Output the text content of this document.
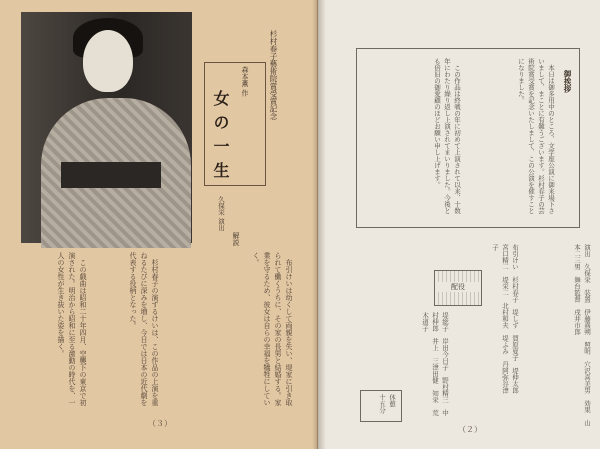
杉村春子藝術院賞受賞記念
森本薫 作
女の一生
久保栄 演出
解説
　布引けいは幼くして両親を失い、堤家に引き取られて働くうちに、その家の長男と結婚する。家業を守るため、彼女は自らの幸福を犠牲にしていく。
　杉村春子の演ずるけいは、この作品の上演を重ねるたびに深みを増し、今日では日本の近代劇を代表する役柄となった。
　この戯曲は昭和二十年四月、空襲下の東京で初演された。明治から昭和に至る激動の時代を、一人の女性が生き抜いた姿を描く。
（３）
御挨拶
　本日は御多用中のところ、文学座公演に御来場下さいまして、まことに有難うございます。杉村春子の芸術院賞受賞を記念いたしまして、この公演を催すことになりました。
　この作品は終戦の年に初めて上演されて以来、十数年にわたり繰り返し上演されてまいりました。今後とも倍旧の御愛顧のほどお願い申し上げます。
演出　久保栄　装置　伊藤熹朔　照明　穴沢喜美男　効果　山本二三男　舞台監督　戌井市郎
布引けい　杉村春子　堤しず　賀原夏子　堤伸太郎　宮口精二　堤栄二　北村和夫　堤ふみ　丹阿弥谷津子
堤総子　岸田今日子　野村精三　中村伸郎　井上　三津田健　知栄　荒木道子
休憩　十五分
（２）
配役
